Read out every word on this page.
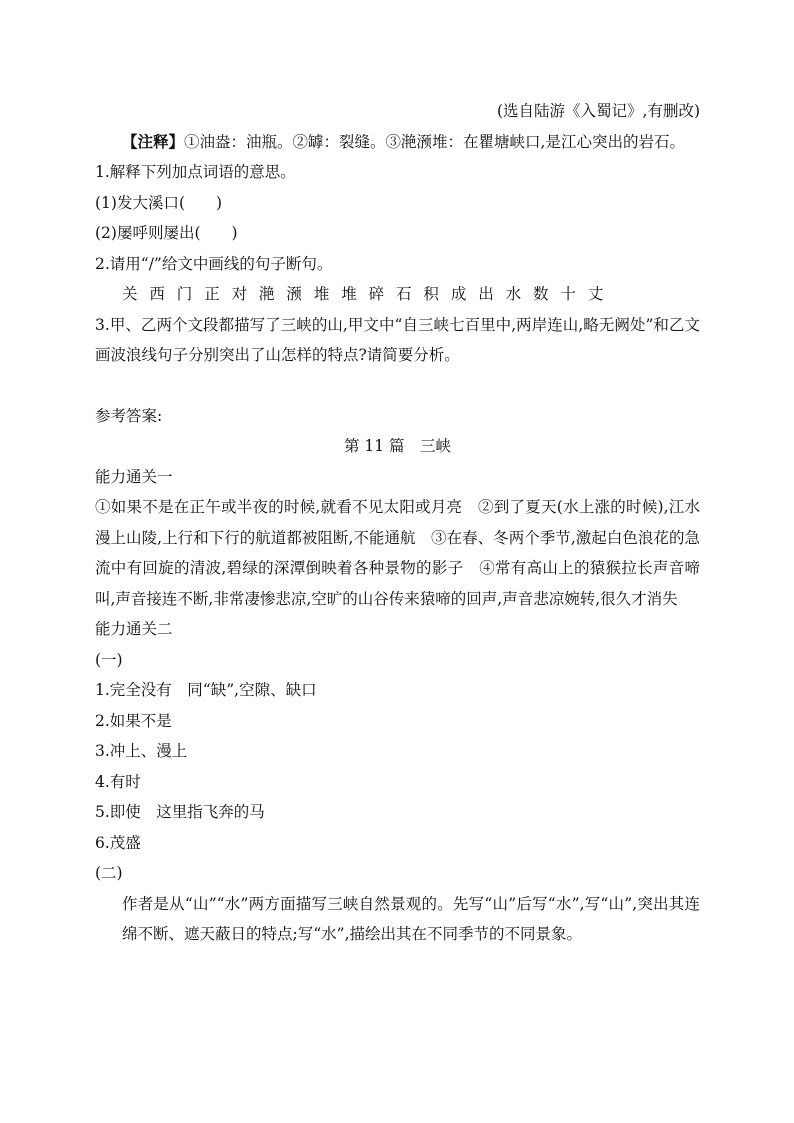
(选自陆游《入蜀记》,有删改)
【注释】①油盎：油瓶。②罅：裂缝。③滟滪堆：在瞿塘峡口,是江心突出的岩石。
1.解释下列加点词语的意思。
(1)发大溪口(　　)
(2)屡呼则屡出(　　)
2.请用“/”给文中画线的句子断句。
关 西 门 正 对 滟 滪 堆 堆 碎 石 积 成 出 水 数 十 丈
3.甲、乙两个文段都描写了三峡的山,甲文中“自三峡七百里中,两岸连山,略无阙处”和乙文画波浪线句子分别突出了山怎样的特点?请简要分析。
参考答案:
第 11 篇　三峡
能力通关一
①如果不是在正午或半夜的时候,就看不见太阳或月亮　②到了夏天(水上涨的时候),江水漫上山陵,上行和下行的航道都被阻断,不能通航　③在春、冬两个季节,激起白色浪花的急流中有回旋的清波,碧绿的深潭倒映着各种景物的影子　④常有高山上的猿猴拉长声音啼叫,声音接连不断,非常凄惨悲凉,空旷的山谷传来猿啼的回声,声音悲凉婉转,很久才消失
能力通关二
(一)
1.完全没有　同“缺”,空隙、缺口
2.如果不是
3.冲上、漫上
4.有时
5.即使　这里指飞奔的马
6.茂盛
(二)
作者是从“山”“水”两方面描写三峡自然景观的。先写“山”后写“水”,写“山”,突出其连绵不断、遮天蔽日的特点;写“水”,描绘出其在不同季节的不同景象。
